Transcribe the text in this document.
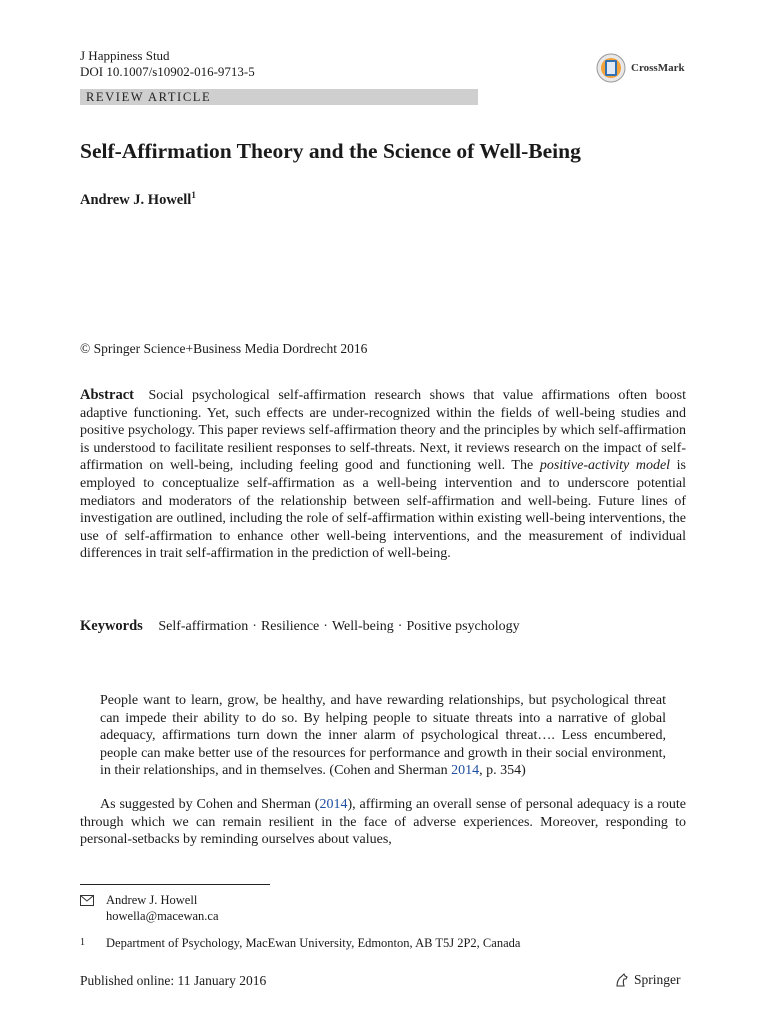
J Happiness Stud
DOI 10.1007/s10902-016-9713-5	CrossMark
REVIEW ARTICLE
Self-Affirmation Theory and the Science of Well-Being
Andrew J. Howell$^1$
© Springer Science+Business Media Dordrecht 2016
Abstract Social psychological self-affirmation research shows that value affirmations often boost adaptive functioning. Yet, such effects are under-recognized within the fields of well-being studies and positive psychology. This paper reviews self-affirmation theory and the principles by which self-affirmation is understood to facilitate resilient responses to self-threats. Next, it reviews research on the impact of self-affirmation on well-being, including feeling good and functioning well. The positive-activity model is employed to conceptualize self-affirmation as a well-being intervention and to underscore potential mediators and moderators of the relationship between self-affirmation and well-being. Future lines of investigation are outlined, including the role of self-affirmation within existing well-being interventions, the use of self-affirmation to enhance other well-being interventions, and the measurement of individual differences in trait self-affirmation in the prediction of well-being.
Keywords Self-affirmation · Resilience · Well-being · Positive psychology
People want to learn, grow, be healthy, and have rewarding relationships, but psychological threat can impede their ability to do so. By helping people to situate threats into a narrative of global adequacy, affirmations turn down the inner alarm of psychological threat…. Less encumbered, people can make better use of the resources for performance and growth in their social environment, in their relationships, and in themselves. (Cohen and Sherman 2014, p. 354)
As suggested by Cohen and Sherman (2014), affirming an overall sense of personal adequacy is a route through which we can remain resilient in the face of adverse experiences. Moreover, responding to personal-setbacks by reminding ourselves about values,
Andrew J. Howell
howella@macewan.ca
1	Department of Psychology, MacEwan University, Edmonton, AB T5J 2P2, Canada
Published online: 11 January 2016	Springer
